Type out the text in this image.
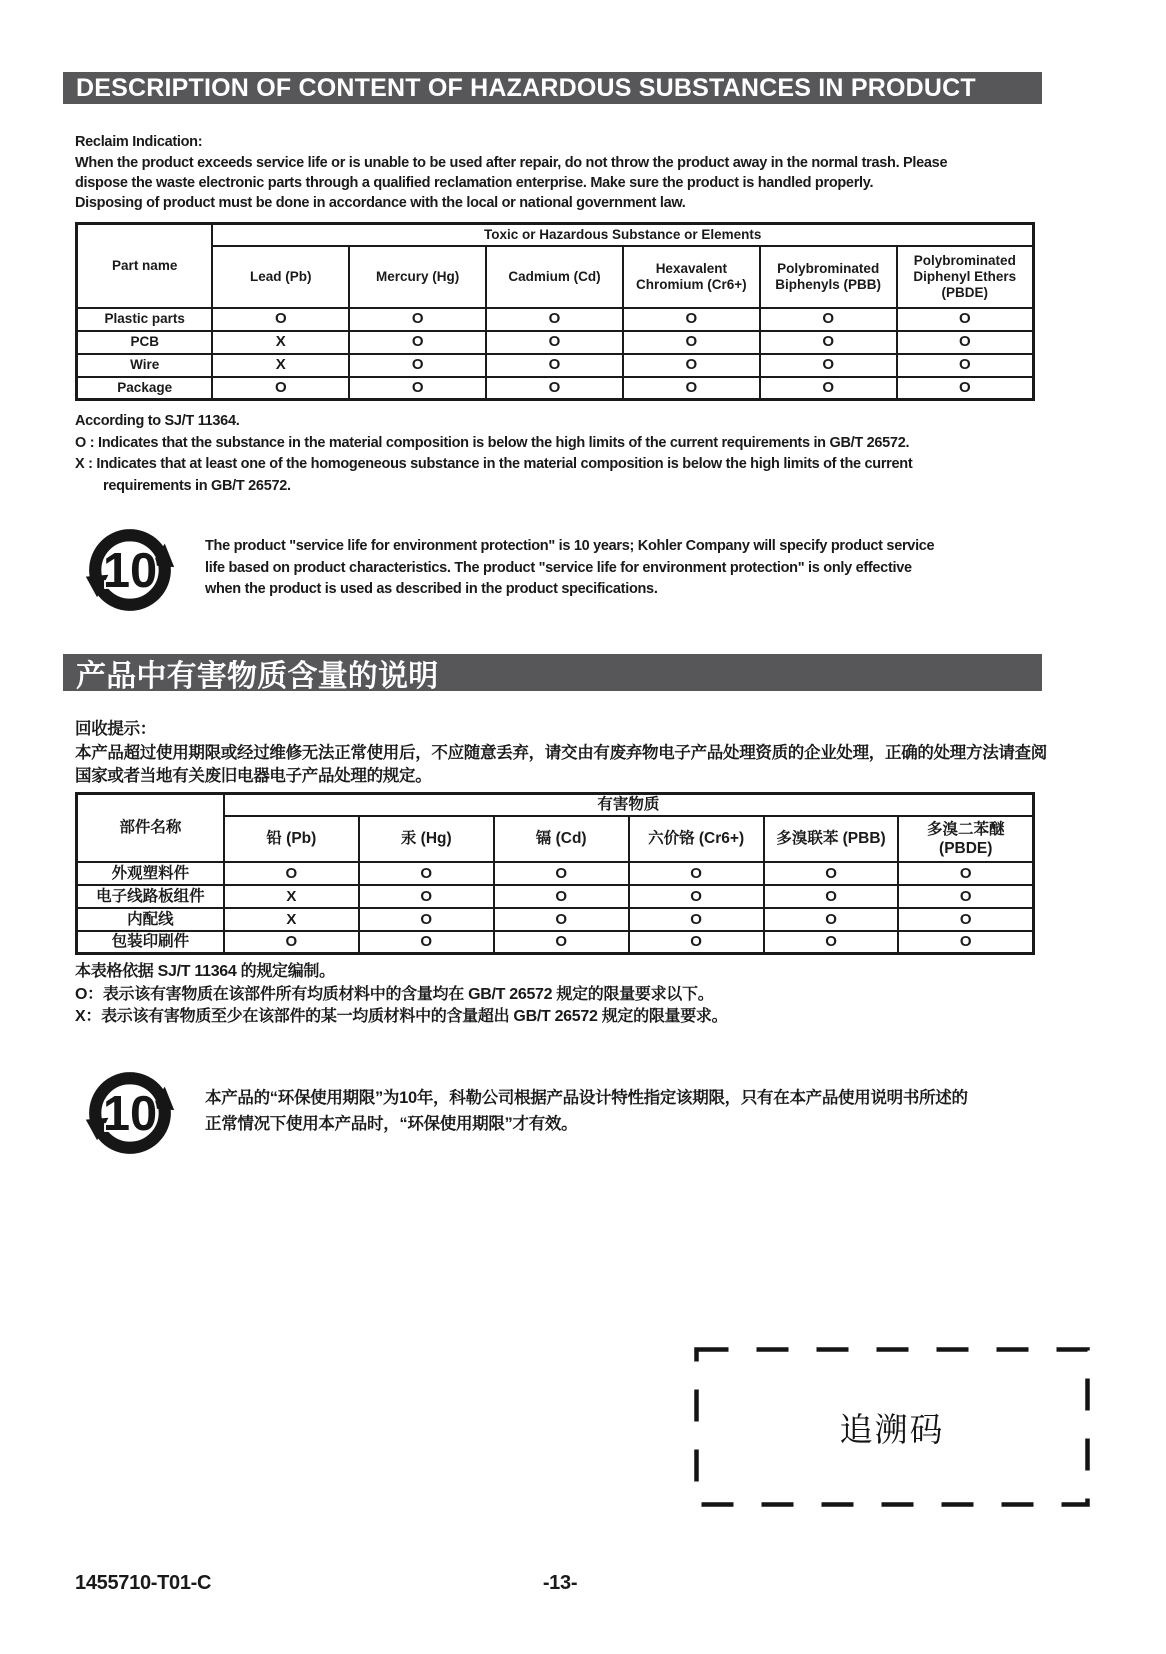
DESCRIPTION OF CONTENT OF HAZARDOUS SUBSTANCES IN PRODUCT
Reclaim Indication:
When the product exceeds service life or is unable to be used after repair, do not throw the product away in the normal trash. Please
dispose the waste electronic parts through a qualified reclamation enterprise. Make sure the product is handled properly.
Disposing of product must be done in accordance with the local or national government law.
Part name	Toxic or Hazardous Substance or Elements					
	Lead (Pb)	Mercury (Hg)	Cadmium (Cd)	Hexavalent Chromium (Cr6+)	Polybrominated Biphenyls (PBB)	Polybrominated Diphenyl Ethers (PBDE)
Plastic parts	O	O	O	O	O	O
PCB	X	O	O	O	O	O
Wire	X	O	O	O	O	O
Package	O	O	O	O	O	O
According to SJ/T 11364.
O : Indicates that the substance in the material composition is below the high limits of the current requirements in GB/T 26572.
X : Indicates that at least one of the homogeneous substance in the material composition is below the high limits of the current
requirements in GB/T 26572.
10	The product "service life for environment protection" is 10 years; Kohler Company will specify product service
life based on product characteristics. The product "service life for environment protection" is only effective
when the product is used as described in the product specifications.
产品中有害物质含量的说明
回收提示：
本产品超过使用期限或经过维修无法正常使用后，不应随意丢弃，请交由有废弃物电子产品处理资质的企业处理，正确的处理方法请查阅
国家或者当地有关废旧电器电子产品处理的规定。
部件名称	有害物质					
	铅 (Pb)	汞 (Hg)	镉 (Cd)	六价铬 (Cr6+)	多溴联苯 (PBB)	多溴二苯醚 (PBDE)
外观塑料件	O	O	O	O	O	O
电子线路板组件	X	O	O	O	O	O
内配线	X	O	O	O	O	O
包装印刷件	O	O	O	O	O	O
本表格依据 SJ/T 11364 的规定编制。
O：表示该有害物质在该部件所有均质材料中的含量均在 GB/T 26572 规定的限量要求以下。
X：表示该有害物质至少在该部件的某一均质材料中的含量超出 GB/T 26572 规定的限量要求。
10	本产品的“环保使用期限”为10年，科勒公司根据产品设计特性指定该期限，只有在本产品使用说明书所述的
正常情况下使用本产品时，“环保使用期限”才有效。
追溯码
1455710-T01-C	-13-
